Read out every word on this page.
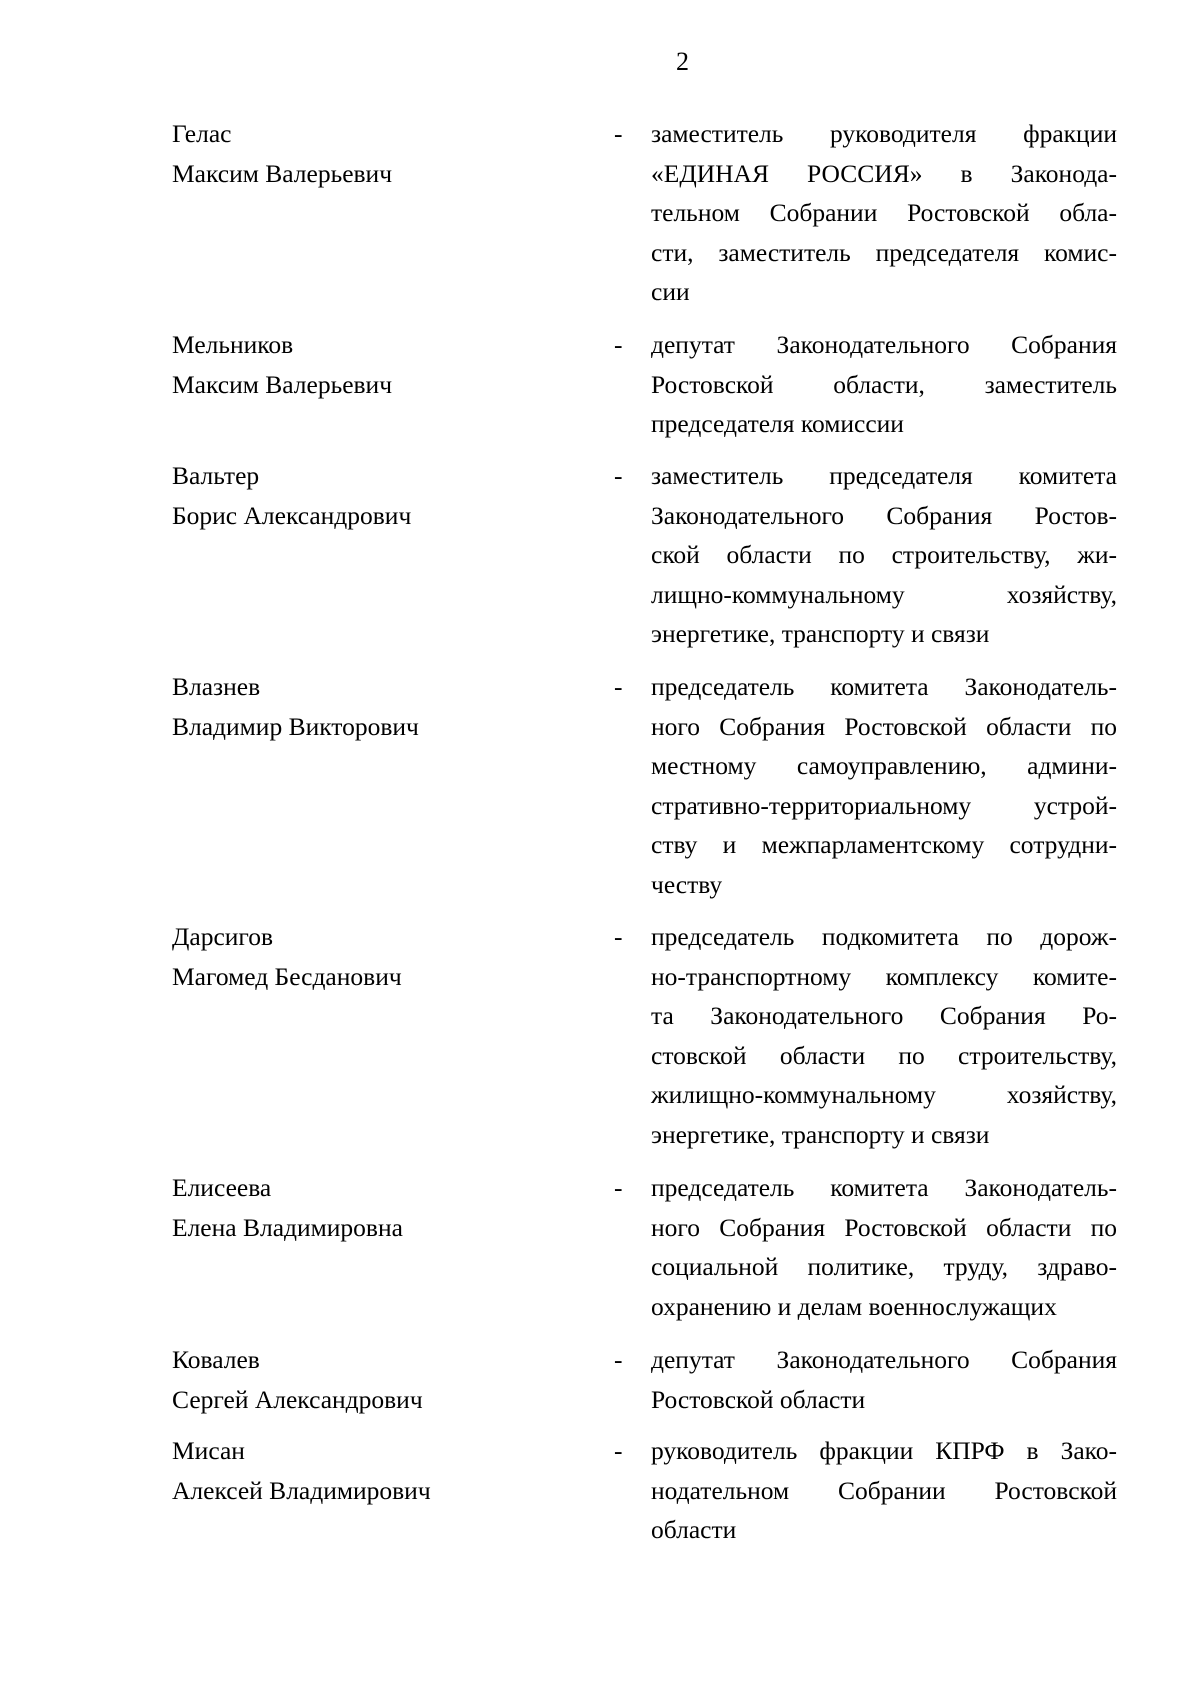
2
Гелас
Максим Валерьевич
- заместитель руководителя фракции
«ЕДИНАЯ РОССИЯ» в Законода-
тельном Собрании Ростовской обла-
сти, заместитель председателя комис-
сии
Мельников
Максим Валерьевич
- депутат Законодательного Собрания
Ростовской области, заместитель
председателя комиссии
Вальтер
Борис Александрович
- заместитель председателя комитета
Законодательного Собрания Ростов-
ской области по строительству, жи-
лищно-коммунальному хозяйству,
энергетике, транспорту и связи
Влазнев
Владимир Викторович
- председатель комитета Законодатель-
ного Собрания Ростовской области по
местному самоуправлению, админи-
стративно-территориальному устрой-
ству и межпарламентскому сотрудни-
честву
Дарсигов
Магомед Бесданович
- председатель подкомитета по дорож-
но-транспортному комплексу комите-
та Законодательного Собрания Ро-
стовской области по строительству,
жилищно-коммунальному хозяйству,
энергетике, транспорту и связи
Елисеева
Елена Владимировна
- председатель комитета Законодатель-
ного Собрания Ростовской области по
социальной политике, труду, здраво-
охранению и делам военнослужащих
Ковалев
Сергей Александрович
- депутат Законодательного Собрания
Ростовской области
Мисан
Алексей Владимирович
- руководитель фракции КПРФ в Зако-
нодательном Собрании Ростовской
области
